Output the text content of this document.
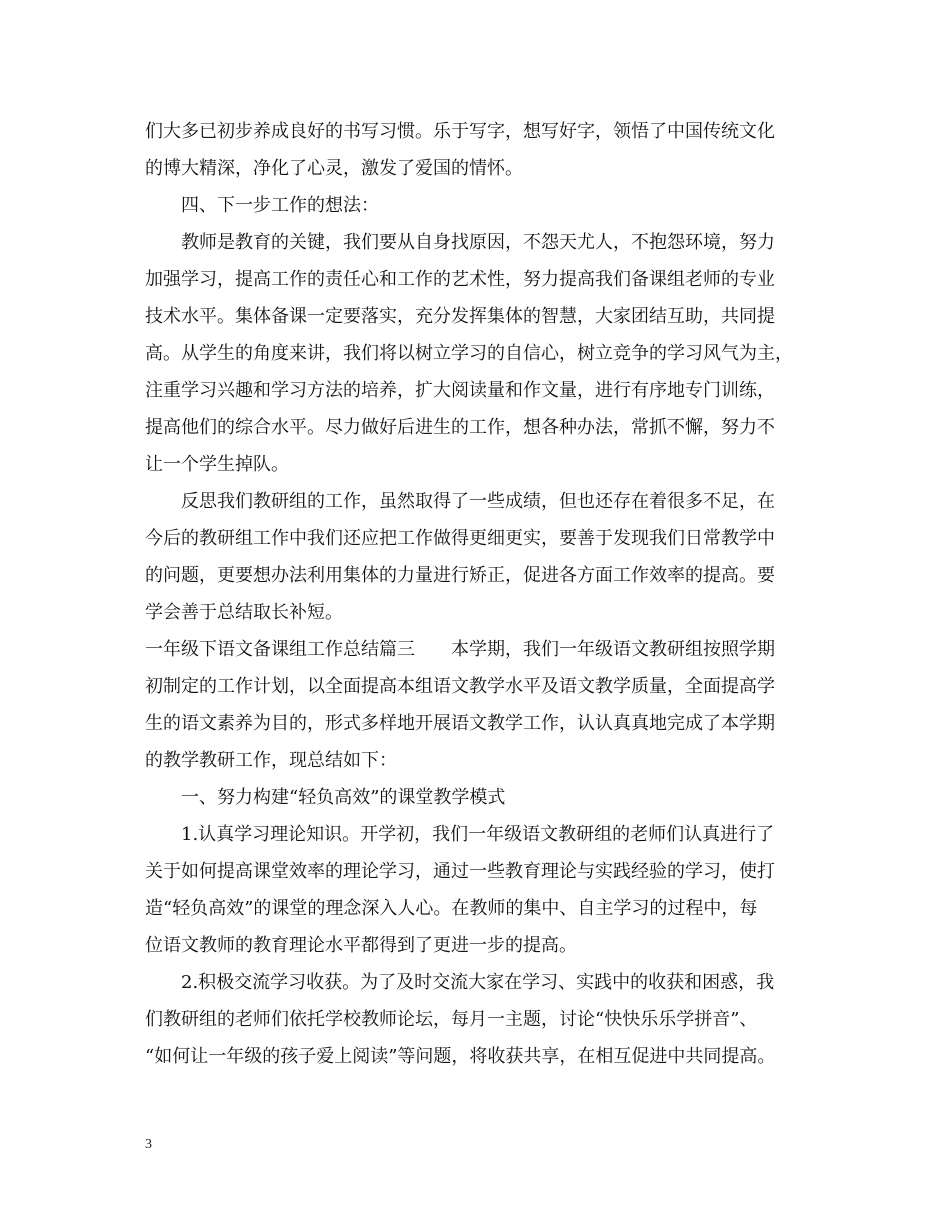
们大多已初步养成良好的书写习惯。乐于写字，想写好字，领悟了中国传统文化
的博大精深，净化了心灵，激发了爱国的情怀。
四、下一步工作的想法：
教师是教育的关键，我们要从自身找原因，不怨天尤人，不抱怨环境，努力
加强学习，提高工作的责任心和工作的艺术性，努力提高我们备课组老师的专业
技术水平。集体备课一定要落实，充分发挥集体的智慧，大家团结互助，共同提
高。从学生的角度来讲，我们将以树立学习的自信心，树立竞争的学习风气为主，
注重学习兴趣和学习方法的培养，扩大阅读量和作文量，进行有序地专门训练，
提高他们的综合水平。尽力做好后进生的工作，想各种办法，常抓不懈，努力不
让一个学生掉队。
反思我们教研组的工作，虽然取得了一些成绩，但也还存在着很多不足，在
今后的教研组工作中我们还应把工作做得更细更实，要善于发现我们日常教学中
的问题，更要想办法利用集体的力量进行矫正，促进各方面工作效率的提高。要
学会善于总结取长补短。
一年级下语文备课组工作总结篇三　　本学期，我们一年级语文教研组按照学期
初制定的工作计划，以全面提高本组语文教学水平及语文教学质量，全面提高学
生的语文素养为目的，形式多样地开展语文教学工作，认认真真地完成了本学期
的教学教研工作，现总结如下：
一、努力构建“轻负高效”的课堂教学模式
1.认真学习理论知识。开学初，我们一年级语文教研组的老师们认真进行了
关于如何提高课堂效率的理论学习，通过一些教育理论与实践经验的学习，使打
造“轻负高效”的课堂的理念深入人心。在教师的集中、自主学习的过程中，每
位语文教师的教育理论水平都得到了更进一步的提高。
2.积极交流学习收获。为了及时交流大家在学习、实践中的收获和困惑，我
们教研组的老师们依托学校教师论坛，每月一主题，讨论“快快乐乐学拼音”、
“如何让一年级的孩子爱上阅读”等问题，将收获共享，在相互促进中共同提高。
3
